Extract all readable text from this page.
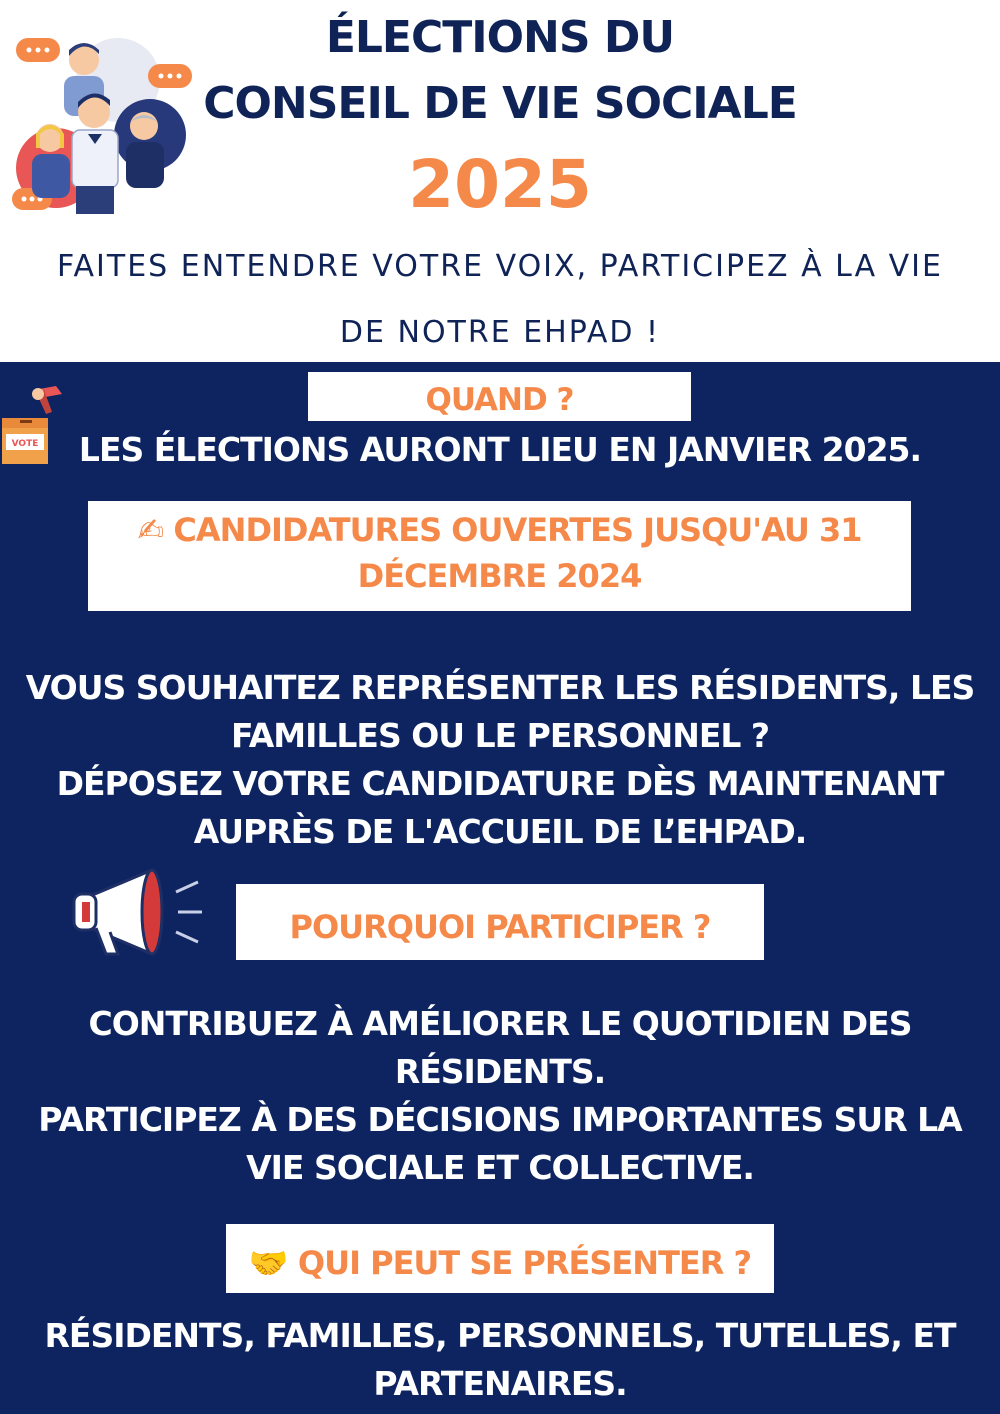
ÉLECTIONS DU
CONSEIL DE VIE SOCIALE
2025
FAITES ENTENDRE VOTRE VOIX, PARTICIPEZ À LA VIE
DE NOTRE EHPAD !
VOTE
QUAND ?
LES ÉLECTIONS AURONT LIEU EN JANVIER 2025.
✍ CANDIDATURES OUVERTES JUSQU'AU 31
DÉCEMBRE 2024
VOUS SOUHAITEZ REPRÉSENTER LES RÉSIDENTS, LES
FAMILLES OU LE PERSONNEL ?
DÉPOSEZ VOTRE CANDIDATURE DÈS MAINTENANT
AUPRÈS DE L'ACCUEIL DE L’EHPAD.
POURQUOI PARTICIPER ?
CONTRIBUEZ À AMÉLIORER LE QUOTIDIEN DES
RÉSIDENTS.
PARTICIPEZ À DES DÉCISIONS IMPORTANTES SUR LA
VIE SOCIALE ET COLLECTIVE.
🤝 QUI PEUT SE PRÉSENTER ?
RÉSIDENTS, FAMILLES, PERSONNELS, TUTELLES, ET
PARTENAIRES.
